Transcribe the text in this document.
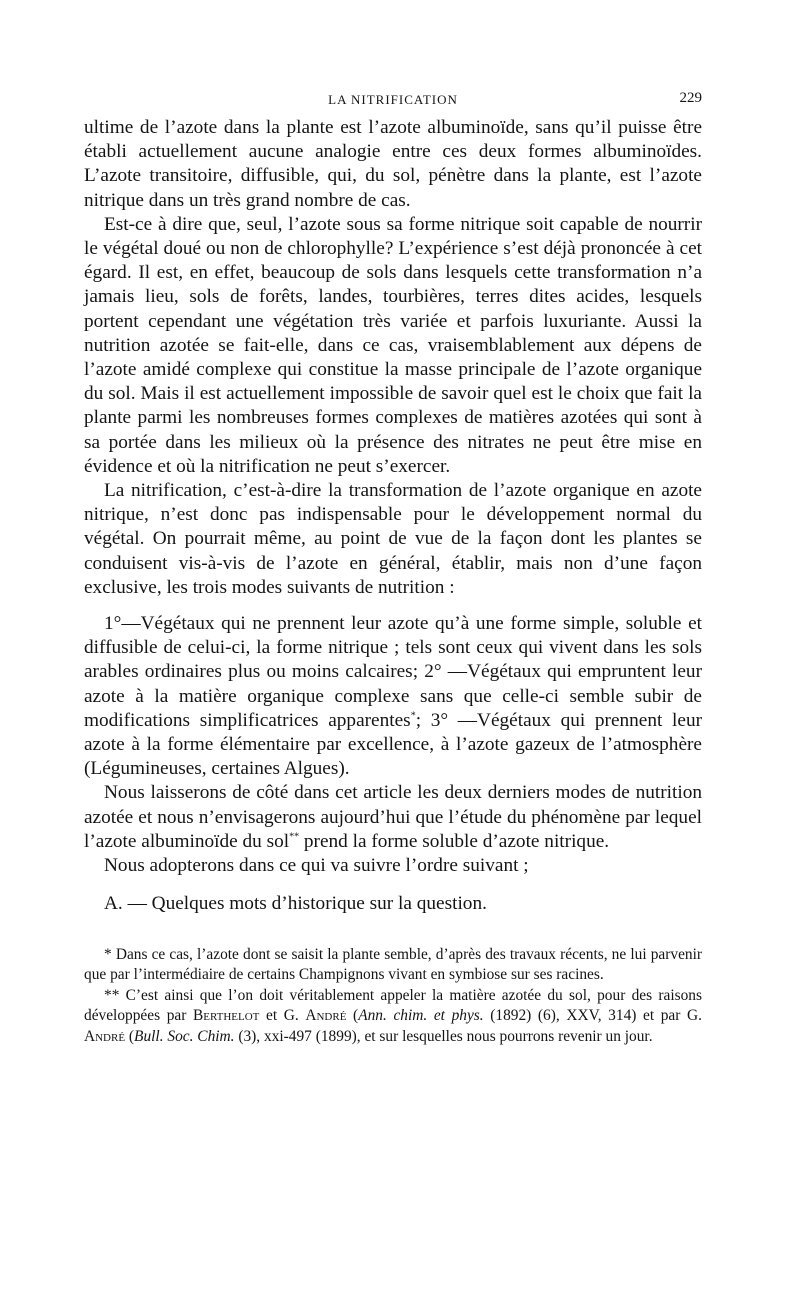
LA NITRIFICATION	229

ultime de l’azote dans la plante est l’azote albuminoïde, sans qu’il puisse être établi actuellement aucune analogie entre ces deux formes albuminoïdes. L’azote transitoire, diffusible, qui, du sol, pénètre dans la plante, est l’azote nitrique dans un très grand nombre de cas.

Est-ce à dire que, seul, l’azote sous sa forme nitrique soit capable de nourrir le végétal doué ou non de chlorophylle? L’expérience s’est déjà prononcée à cet égard. Il est, en effet, beaucoup de sols dans lesquels cette transformation n’a jamais lieu, sols de forêts, landes, tourbières, terres dites acides, lesquels portent cependant une végétation très variée et parfois luxuriante. Aussi la nutrition azotée se fait-elle, dans ce cas, vraisemblablement aux dépens de l’azote amidé complexe qui constitue la masse principale de l’azote organique du sol. Mais il est actuellement impossible de savoir quel est le choix que fait la plante parmi les nombreuses formes complexes de matières azotées qui sont à sa portée dans les milieux où la présence des nitrates ne peut être mise en évidence et où la nitrification ne peut s’exercer.

La nitrification, c’est-à-dire la transformation de l’azote organique en azote nitrique, n’est donc pas indispensable pour le développement normal du végétal. On pourrait même, au point de vue de la façon dont les plantes se conduisent vis-à-vis de l’azote en général, établir, mais non d’une façon exclusive, les trois modes suivants de nutrition :

1°—Végétaux qui ne prennent leur azote qu’à une forme simple, soluble et diffusible de celui-ci, la forme nitrique ; tels sont ceux qui vivent dans les sols arables ordinaires plus ou moins calcaires; 2° —Végétaux qui empruntent leur azote à la matière organique complexe sans que celle-ci semble subir de modifications simplificatrices apparentes*; 3° —Végétaux qui prennent leur azote à la forme élémentaire par excellence, à l’azote gazeux de l’atmosphère (Légumineuses, certaines Algues).

Nous laisserons de côté dans cet article les deux derniers modes de nutrition azotée et nous n’envisagerons aujourd’hui que l’étude du phénomène par lequel l’azote albuminoïde du sol** prend la forme soluble d’azote nitrique.

Nous adopterons dans ce qui va suivre l’ordre suivant ;

A. — Quelques mots d’historique sur la question.

* Dans ce cas, l’azote dont se saisit la plante semble, d’après des travaux récents, ne lui parvenir que par l’intermédiaire de certains Champignons vivant en symbiose sur ses racines.

** C’est ainsi que l’on doit véritablement appeler la matière azotée du sol, pour des raisons développées par Berthelot et G. André (Ann. chim. et phys. (1892) (6), XXV, 314) et par G. André (Bull. Soc. Chim. (3), xxi-497 (1899), et sur lesquelles nous pourrons revenir un jour.
